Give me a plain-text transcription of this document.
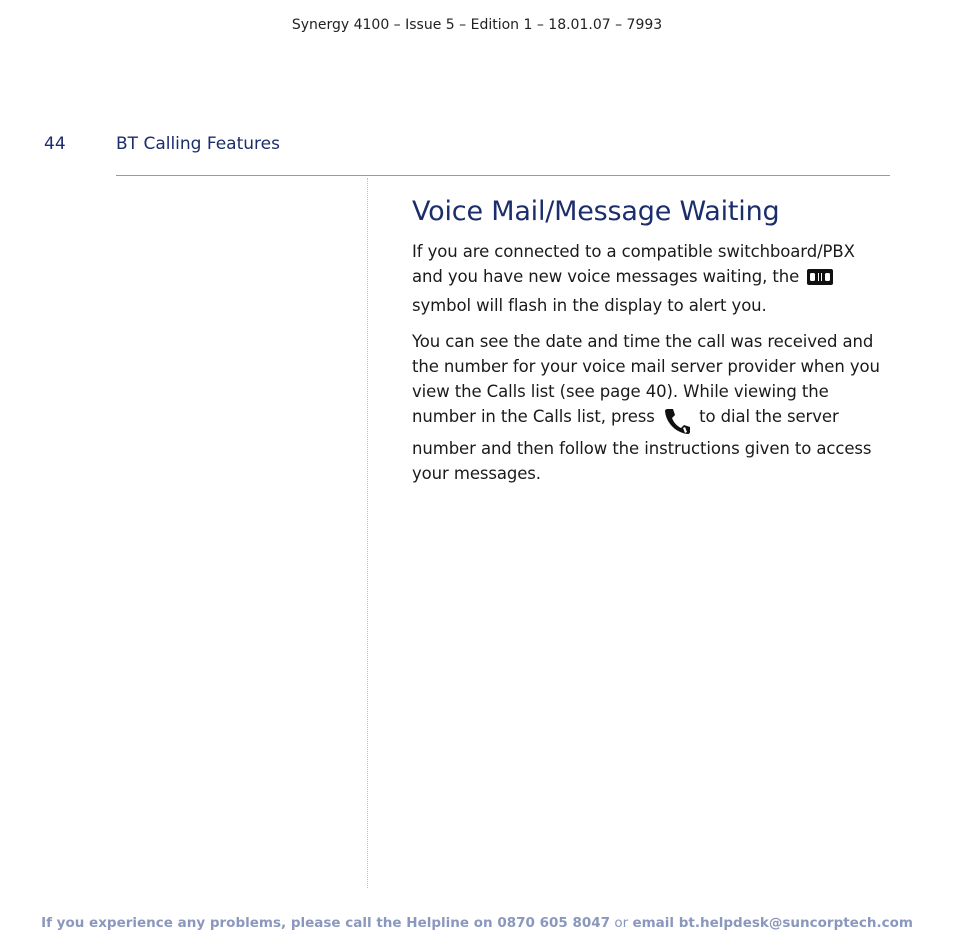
Synergy 4100 – Issue 5 – Edition 1 – 18.01.07 – 7993
44	BT Calling Features
Voice Mail/Message Waiting

If you are connected to a compatible switchboard/PBX and you have new voice messages waiting, the  symbol will flash in the display to alert you.

You can see the date and time the call was received and the number for your voice mail server provider when you view the Calls list (see page 40). While viewing the number in the Calls list, press	to dial the server number and then follow the instructions given to access your messages.

If you experience any problems, please call the Helpline on 0870 605 8047 or email bt.helpdesk@suncorptech.com
